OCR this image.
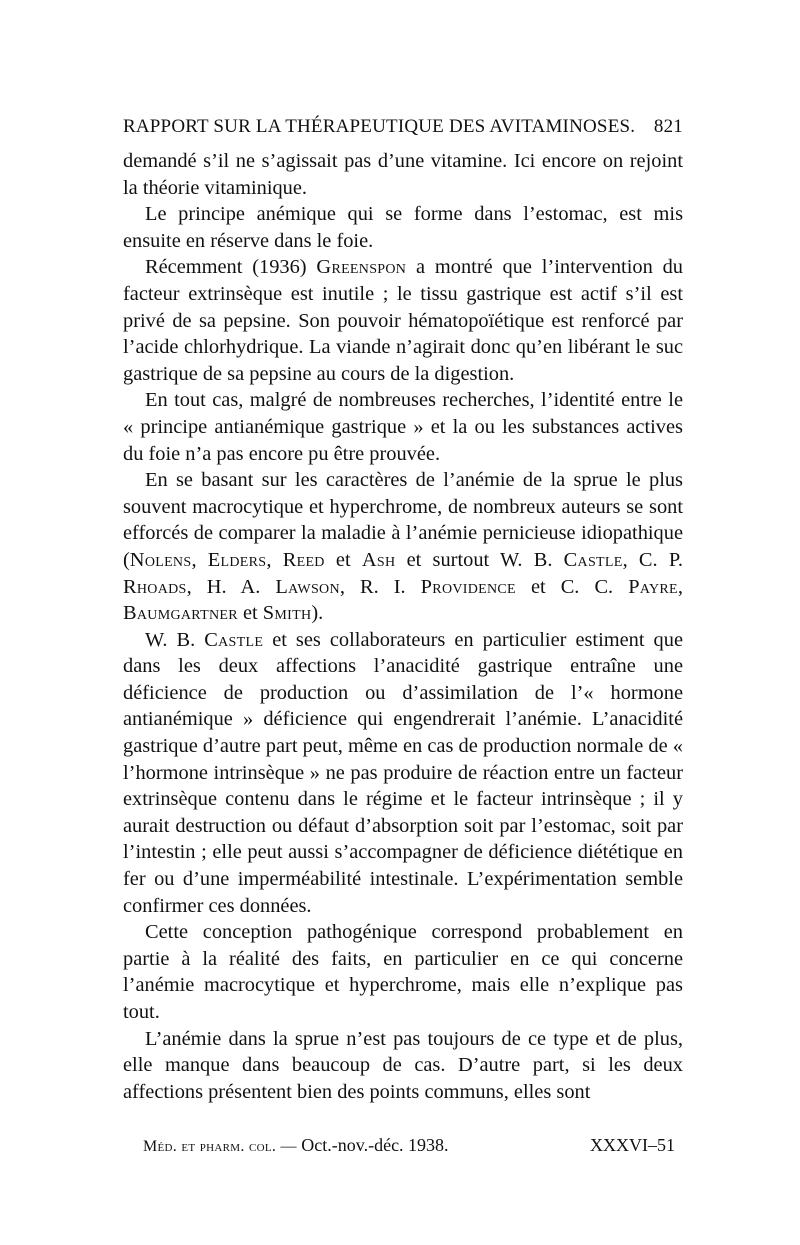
RAPPORT SUR LA THÉRAPEUTIQUE DES AVITAMINOSES. 821

demandé s’il ne s’agissait pas d’une vitamine. Ici encore on rejoint la théorie vitaminique.

Le principe anémique qui se forme dans l’estomac, est mis ensuite en réserve dans le foie.

Récemment (1936) Greenspon a montré que l’intervention du facteur extrinsèque est inutile ; le tissu gastrique est actif s’il est privé de sa pepsine. Son pouvoir hématopoïétique est renforcé par l’acide chlorhydrique. La viande n’agirait donc qu’en libérant le suc gastrique de sa pepsine au cours de la digestion.

En tout cas, malgré de nombreuses recherches, l’identité entre le « principe antianémique gastrique » et la ou les substances actives du foie n’a pas encore pu être prouvée.

En se basant sur les caractères de l’anémie de la sprue le plus souvent macrocytique et hyperchrome, de nombreux auteurs se sont efforcés de comparer la maladie à l’anémie pernicieuse idiopathique (Nolens, Elders, Reed et Ash et surtout W. B. Castle, C. P. Rhoads, H. A. Lawson, R. I. Providence et C. C. Payre, Baumgartner et Smith).

W. B. Castle et ses collaborateurs en particulier estiment que dans les deux affections l’anacidité gastrique entraîne une déficience de production ou d’assimilation de l’« hormone antianémique » déficience qui engendrerait l’anémie. L’anacidité gastrique d’autre part peut, même en cas de production normale de « l’hormone intrinsèque » ne pas produire de réaction entre un facteur extrinsèque contenu dans le régime et le facteur intrinsèque ; il y aurait destruction ou défaut d’absorption soit par l’estomac, soit par l’intestin ; elle peut aussi s’accompagner de déficience diététique en fer ou d’une imperméabilité intestinale. L’expérimentation semble confirmer ces données.

Cette conception pathogénique correspond probablement en partie à la réalité des faits, en particulier en ce qui concerne l’anémie macrocytique et hyperchrome, mais elle n’explique pas tout.

L’anémie dans la sprue n’est pas toujours de ce type et de plus, elle manque dans beaucoup de cas. D’autre part, si les deux affections présentent bien des points communs, elles sont

Méd. et pharm. col. — Oct.-nov.-déc. 1938.	XXXVI–51
